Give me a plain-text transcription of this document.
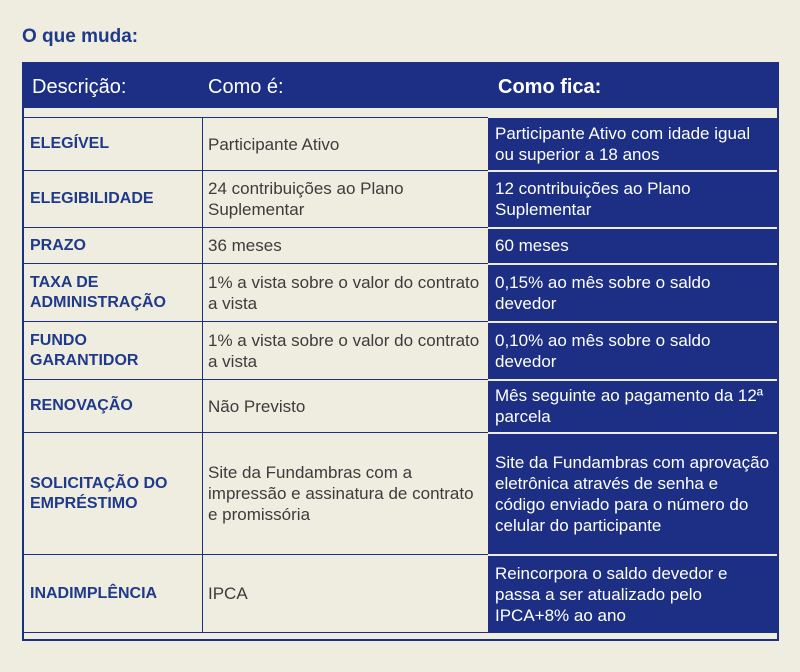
O que muda:
Descrição:	Como é:	Como fica:
ELEGÍVEL	Participante Ativo	Participante Ativo com idade igual ou superior a 18 anos
ELEGIBILIDADE	24 contribuições ao Plano Suplementar	12 contribuições ao Plano Suplementar
PRAZO	36 meses	60 meses
TAXA DE ADMINISTRAÇÃO	1% a vista sobre o valor do contrato a vista	0,15% ao mês sobre o saldo devedor
FUNDO GARANTIDOR	1% a vista sobre o valor do contrato a vista	0,10% ao mês sobre o saldo devedor
RENOVAÇÃO	Não Previsto	Mês seguinte ao pagamento da 12ª parcela
SOLICITAÇÃO DO EMPRÉSTIMO	Site da Fundambras com a impressão e assinatura de contrato e promissória	Site da Fundambras com aprovação eletrônica através de senha e código enviado para o número do celular do participante
INADIMPLÊNCIA	IPCA	Reincorpora o saldo devedor e passa a ser atualizado pelo IPCA+8% ao ano
